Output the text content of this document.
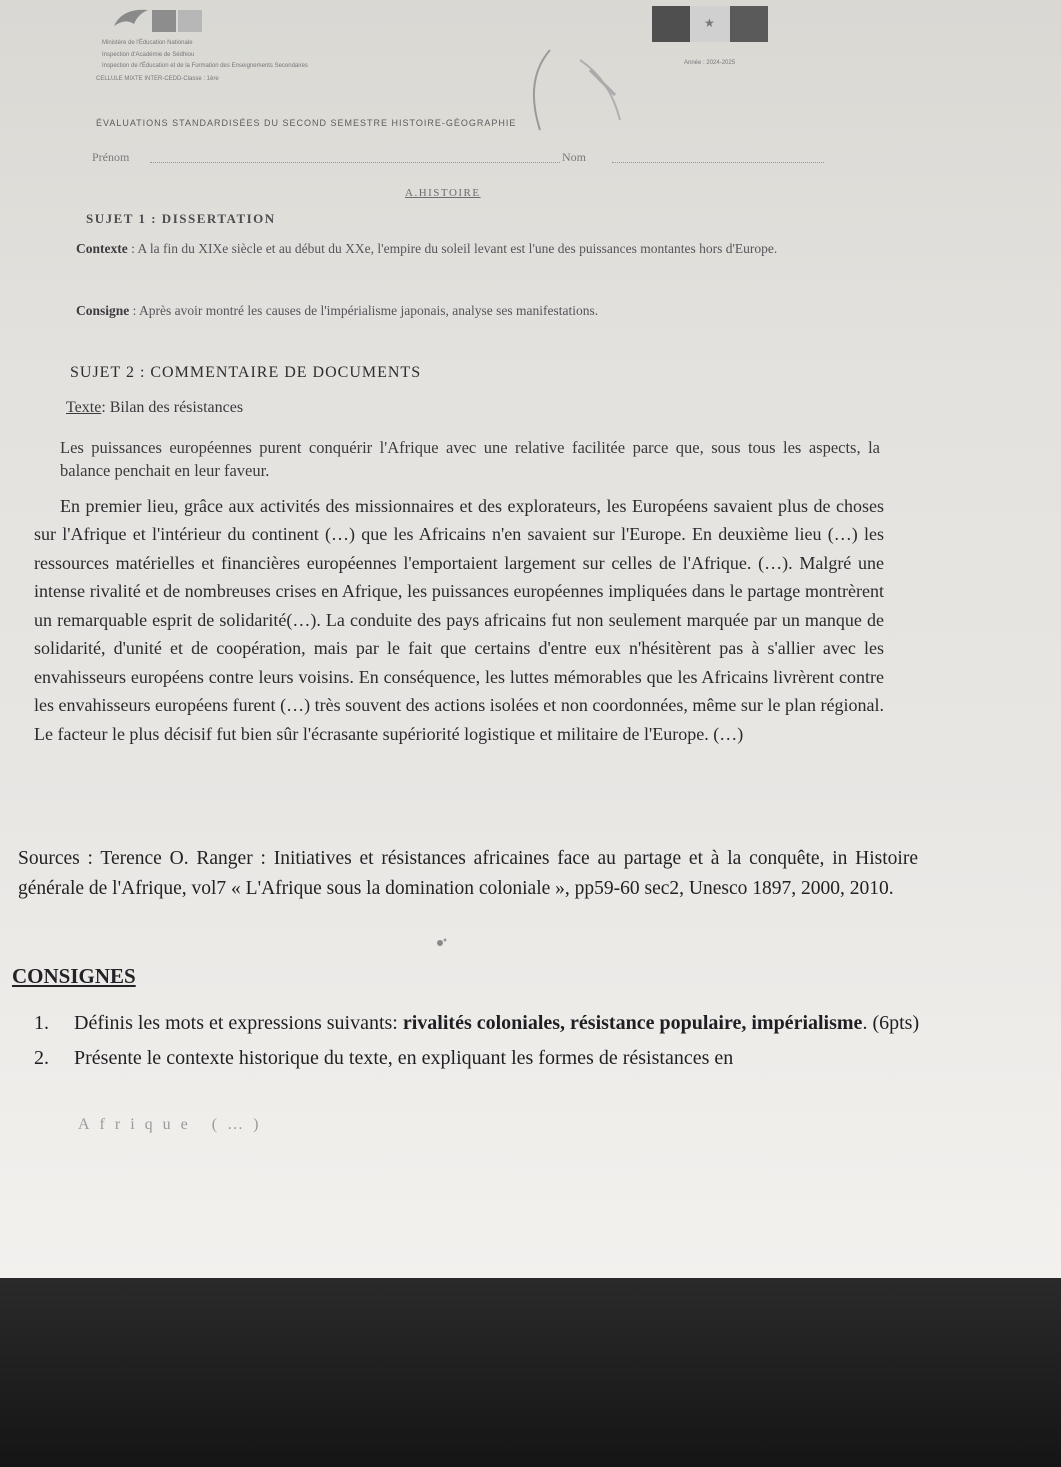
Ministère de l'Éducation Nationale
Inspection d'Académie de Sédhiou
Inspection de l'Éducation et de la Formation des Enseignements Secondaires
CELLULE MIXTE INTER-CEDD-Classe : 1ère
Année : 2024-2025
★
ÉVALUATIONS STANDARDISÉES DU SECOND SEMESTRE HISTOIRE-GÉOGRAPHIE
Prénom	Nom
A.HISTOIRE

SUJET 1 : DISSERTATION

Contexte : A la fin du XIXe siècle et au début du XXe, l'empire du soleil levant est l'une des puissances montantes hors d'Europe.

Consigne : Après avoir montré les causes de l'impérialisme japonais, analyse ses manifestations.

SUJET 2 : COMMENTAIRE DE DOCUMENTS

Texte: Bilan des résistances

Les puissances européennes purent conquérir l'Afrique avec une relative facilitée parce que, sous tous les aspects, la balance penchait en leur faveur.

En premier lieu, grâce aux activités des missionnaires et des explorateurs, les Européens savaient plus de choses sur l'Afrique et l'intérieur du continent (…) que les Africains n'en savaient sur l'Europe. En deuxième lieu (…) les ressources matérielles et financières européennes l'emportaient largement sur celles de l'Afrique. (…). Malgré une intense rivalité et de nombreuses crises en Afrique, les puissances européennes impliquées dans le partage montrèrent un remarquable esprit de solidarité(…). La conduite des pays africains fut non seulement marquée par un manque de solidarité, d'unité et de coopération, mais par le fait que certains d'entre eux n'hésitèrent pas à s'allier avec les envahisseurs européens contre leurs voisins. En conséquence, les luttes mémorables que les Africains livrèrent contre les envahisseurs européens furent (…) très souvent des actions isolées et non coordonnées, même sur le plan régional. Le facteur le plus décisif fut bien sûr l'écrasante supériorité logistique et militaire de l'Europe. (…)

Sources : Terence O. Ranger : Initiatives et résistances africaines face au partage et à la conquête, in Histoire générale de l'Afrique, vol7 « L'Afrique sous la domination coloniale », pp59-60 sec2, Unesco 1897, 2000, 2010.

CONSIGNES

1. Définis les mots et expressions suivants: rivalités coloniales, résistance populaire, impérialisme. (6pts)
2. Présente le contexte historique du texte, en expliquant les formes de résistances en

Afrique (…)
